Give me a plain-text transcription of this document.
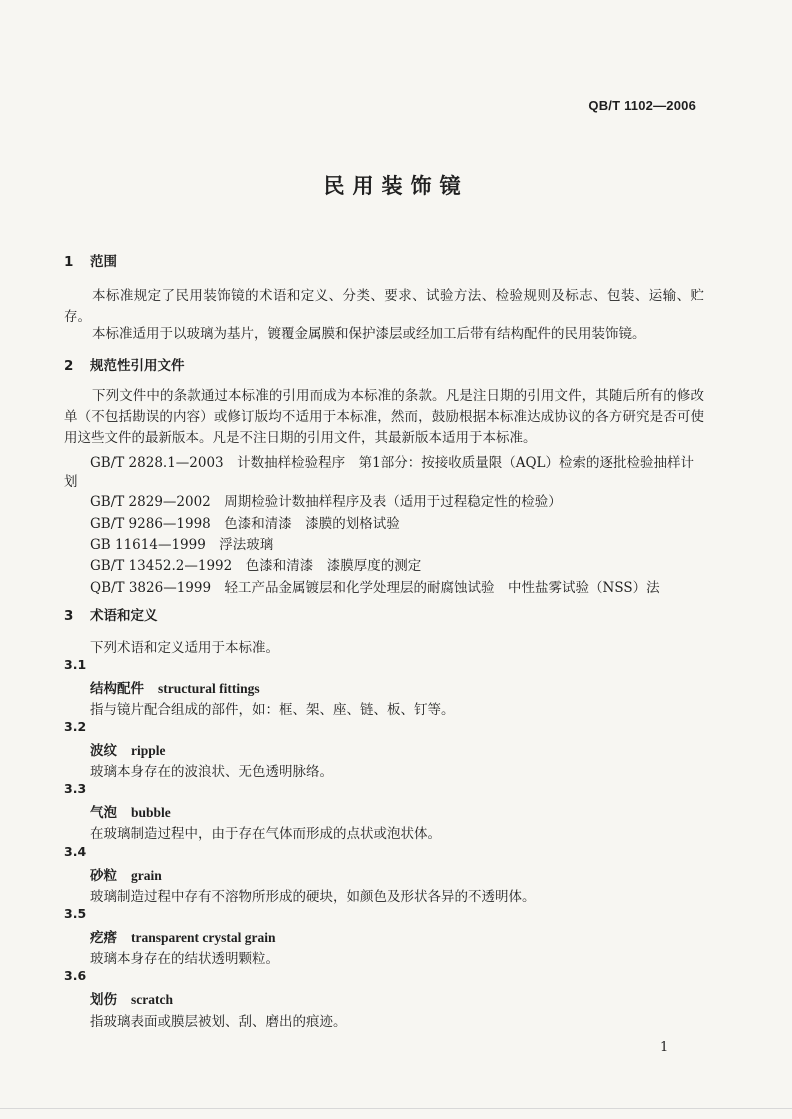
QB/T 1102—2006
民用装饰镜
1 范围
本标准规定了民用装饰镜的术语和定义、分类、要求、试验方法、检验规则及标志、包装、运输、贮存。
本标准适用于以玻璃为基片，镀覆金属膜和保护漆层或经加工后带有结构配件的民用装饰镜。
2 规范性引用文件
下列文件中的条款通过本标准的引用而成为本标准的条款。凡是注日期的引用文件，其随后所有的修改单（不包括勘误的内容）或修订版均不适用于本标准，然而，鼓励根据本标准达成协议的各方研究是否可使用这些文件的最新版本。凡是不注日期的引用文件，其最新版本适用于本标准。
GB/T 2828.1—2003　计数抽样检验程序　第1部分：按接收质量限（AQL）检索的逐批检验抽样计
划
GB/T 2829—2002　周期检验计数抽样程序及表（适用于过程稳定性的检验）
GB/T 9286—1998　色漆和清漆　漆膜的划格试验
GB 11614—1999　浮法玻璃
GB/T 13452.2—1992　色漆和清漆　漆膜厚度的测定
QB/T 3826—1999　轻工产品金属镀层和化学处理层的耐腐蚀试验　中性盐雾试验（NSS）法
3 术语和定义
下列术语和定义适用于本标准。
3.1
结构配件 structural fittings
指与镜片配合组成的部件，如：框、架、座、链、板、钉等。
3.2
波纹 ripple
玻璃本身存在的波浪状、无色透明脉络。
3.3
气泡 bubble
在玻璃制造过程中，由于存在气体而形成的点状或泡状体。
3.4
砂粒 grain
玻璃制造过程中存有不溶物所形成的硬块，如颜色及形状各异的不透明体。
3.5
疙瘩 transparent crystal grain
玻璃本身存在的结状透明颗粒。
3.6
划伤 scratch
指玻璃表面或膜层被划、刮、磨出的痕迹。
1
